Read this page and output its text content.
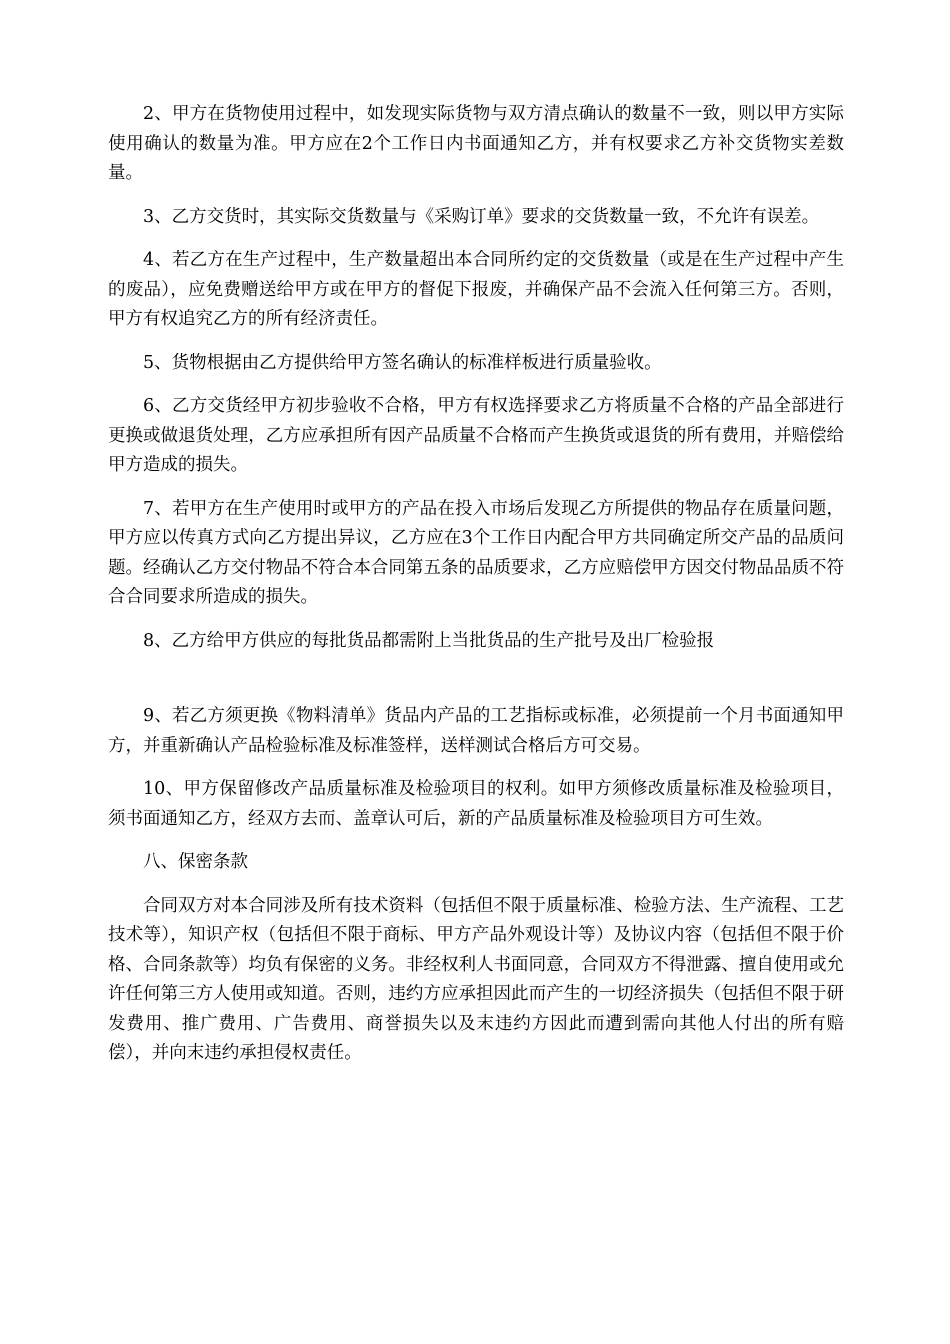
2、甲方在货物使用过程中，如发现实际货物与双方清点确认的数量不一致，则以甲方实际使用确认的数量为准。甲方应在2个工作日内书面通知乙方，并有权要求乙方补交货物实差数量。

3、乙方交货时，其实际交货数量与《采购订单》要求的交货数量一致，不允许有误差。

4、若乙方在生产过程中，生产数量超出本合同所约定的交货数量（或是在生产过程中产生的废品），应免费赠送给甲方或在甲方的督促下报废，并确保产品不会流入任何第三方。否则，甲方有权追究乙方的所有经济责任。

5、货物根据由乙方提供给甲方签名确认的标准样板进行质量验收。

6、乙方交货经甲方初步验收不合格，甲方有权选择要求乙方将质量不合格的产品全部进行更换或做退货处理，乙方应承担所有因产品质量不合格而产生换货或退货的所有费用，并赔偿给甲方造成的损失。

7、若甲方在生产使用时或甲方的产品在投入市场后发现乙方所提供的物品存在质量问题，甲方应以传真方式向乙方提出异议，乙方应在3个工作日内配合甲方共同确定所交产品的品质问题。经确认乙方交付物品不符合本合同第五条的品质要求，乙方应赔偿甲方因交付物品品质不符合合同要求所造成的损失。

8、乙方给甲方供应的每批货品都需附上当批货品的生产批号及出厂检验报

9、若乙方须更换《物料清单》货品内产品的工艺指标或标准，必须提前一个月书面通知甲方，并重新确认产品检验标准及标准签样，送样测试合格后方可交易。

10、甲方保留修改产品质量标准及检验项目的权利。如甲方须修改质量标准及检验项目，须书面通知乙方，经双方去而、盖章认可后，新的产品质量标准及检验项目方可生效。

八、保密条款

合同双方对本合同涉及所有技术资料（包括但不限于质量标准、检验方法、生产流程、工艺技术等），知识产权（包括但不限于商标、甲方产品外观设计等）及协议内容（包括但不限于价格、合同条款等）均负有保密的义务。非经权利人书面同意，合同双方不得泄露、擅自使用或允许任何第三方人使用或知道。否则，违约方应承担因此而产生的一切经济损失（包括但不限于研发费用、推广费用、广告费用、商誉损失以及末违约方因此而遭到需向其他人付出的所有赔偿），并向末违约承担侵权责任。
